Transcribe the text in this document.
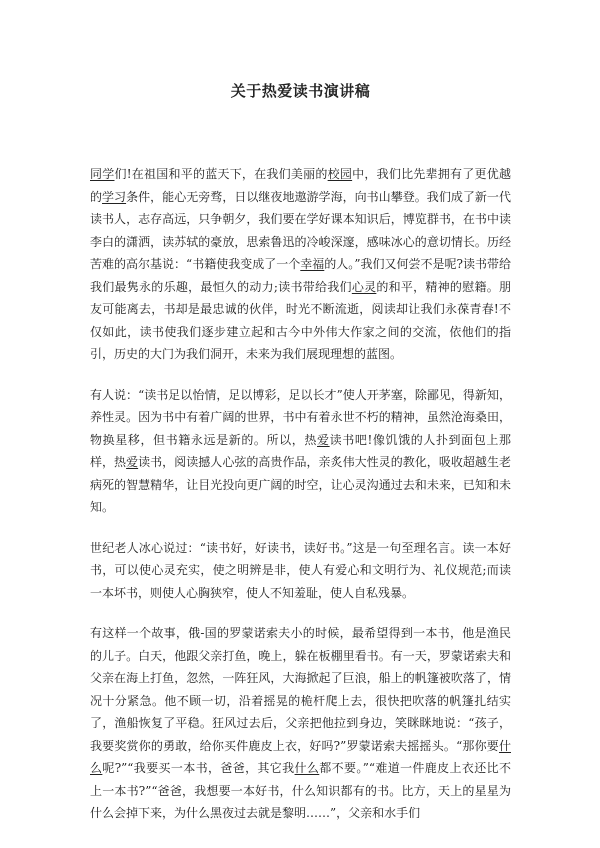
关于热爱读书演讲稿

同学们!在祖国和平的蓝天下，在我们美丽的校园中，我们比先辈拥有了更优越的学习条件，能心无旁骛，日以继夜地遨游学海，向书山攀登。我们成了新一代读书人，志存高远，只争朝夕，我们要在学好课本知识后，博览群书，在书中读李白的潇洒，读苏轼的豪放，思索鲁迅的冷峻深邃，感味冰心的意切情长。历经苦难的高尔基说：“书籍使我变成了一个幸福的人。”我们又何尝不是呢?读书带给我们最隽永的乐趣，最恒久的动力;读书带给我们心灵的和平，精神的慰籍。朋友可能离去，书却是最忠诚的伙伴，时光不断流逝，阅读却让我们永葆青春!不仅如此，读书使我们逐步建立起和古今中外伟大作家之间的交流，依他们的指引，历史的大门为我们洞开，未来为我们展现理想的蓝图。

有人说：“读书足以怡情，足以博彩，足以长才”使人开茅塞，除鄙见，得新知，养性灵。因为书中有着广阔的世界，书中有着永世不朽的精神，虽然沧海桑田，物换星移，但书籍永远是新的。所以，热爱读书吧!像饥饿的人扑到面包上那样，热爱读书，阅读撼人心弦的高贵作品，亲炙伟大性灵的教化，吸收超越生老病死的智慧精华，让目光投向更广阔的时空，让心灵沟通过去和未来，已知和未知。

世纪老人冰心说过：“读书好，好读书，读好书。”这是一句至理名言。读一本好书，可以使心灵充实，使之明辨是非，使人有爱心和文明行为、礼仪规范;而读一本坏书，则使人心胸狭窄，使人不知羞耻，使人自私残暴。

有这样一个故事，俄-国的罗蒙诺索夫小的时候，最希望得到一本书，他是渔民的儿子。白天，他跟父亲打鱼，晚上，躲在板棚里看书。有一天，罗蒙诺索夫和父亲在海上打鱼，忽然，一阵狂风，大海掀起了巨浪，船上的帆篷被吹落了，情况十分紧急。他不顾一切，沿着摇晃的桅杆爬上去，很快把吹落的帆篷扎结实了，渔船恢复了平稳。狂风过去后，父亲把他拉到身边，笑眯眯地说：“孩子，我要奖赏你的勇敢，给你买件鹿皮上衣，好吗?”罗蒙诺索夫摇摇头。“那你要什么呢?”“我要买一本书，爸爸，其它我什么都不要。”“难道一件鹿皮上衣还比不上一本书?”“爸爸，我想要一本好书，什么知识都有的书。比方，天上的星星为什么会掉下来，为什么黑夜过去就是黎明……”，父亲和水手们
